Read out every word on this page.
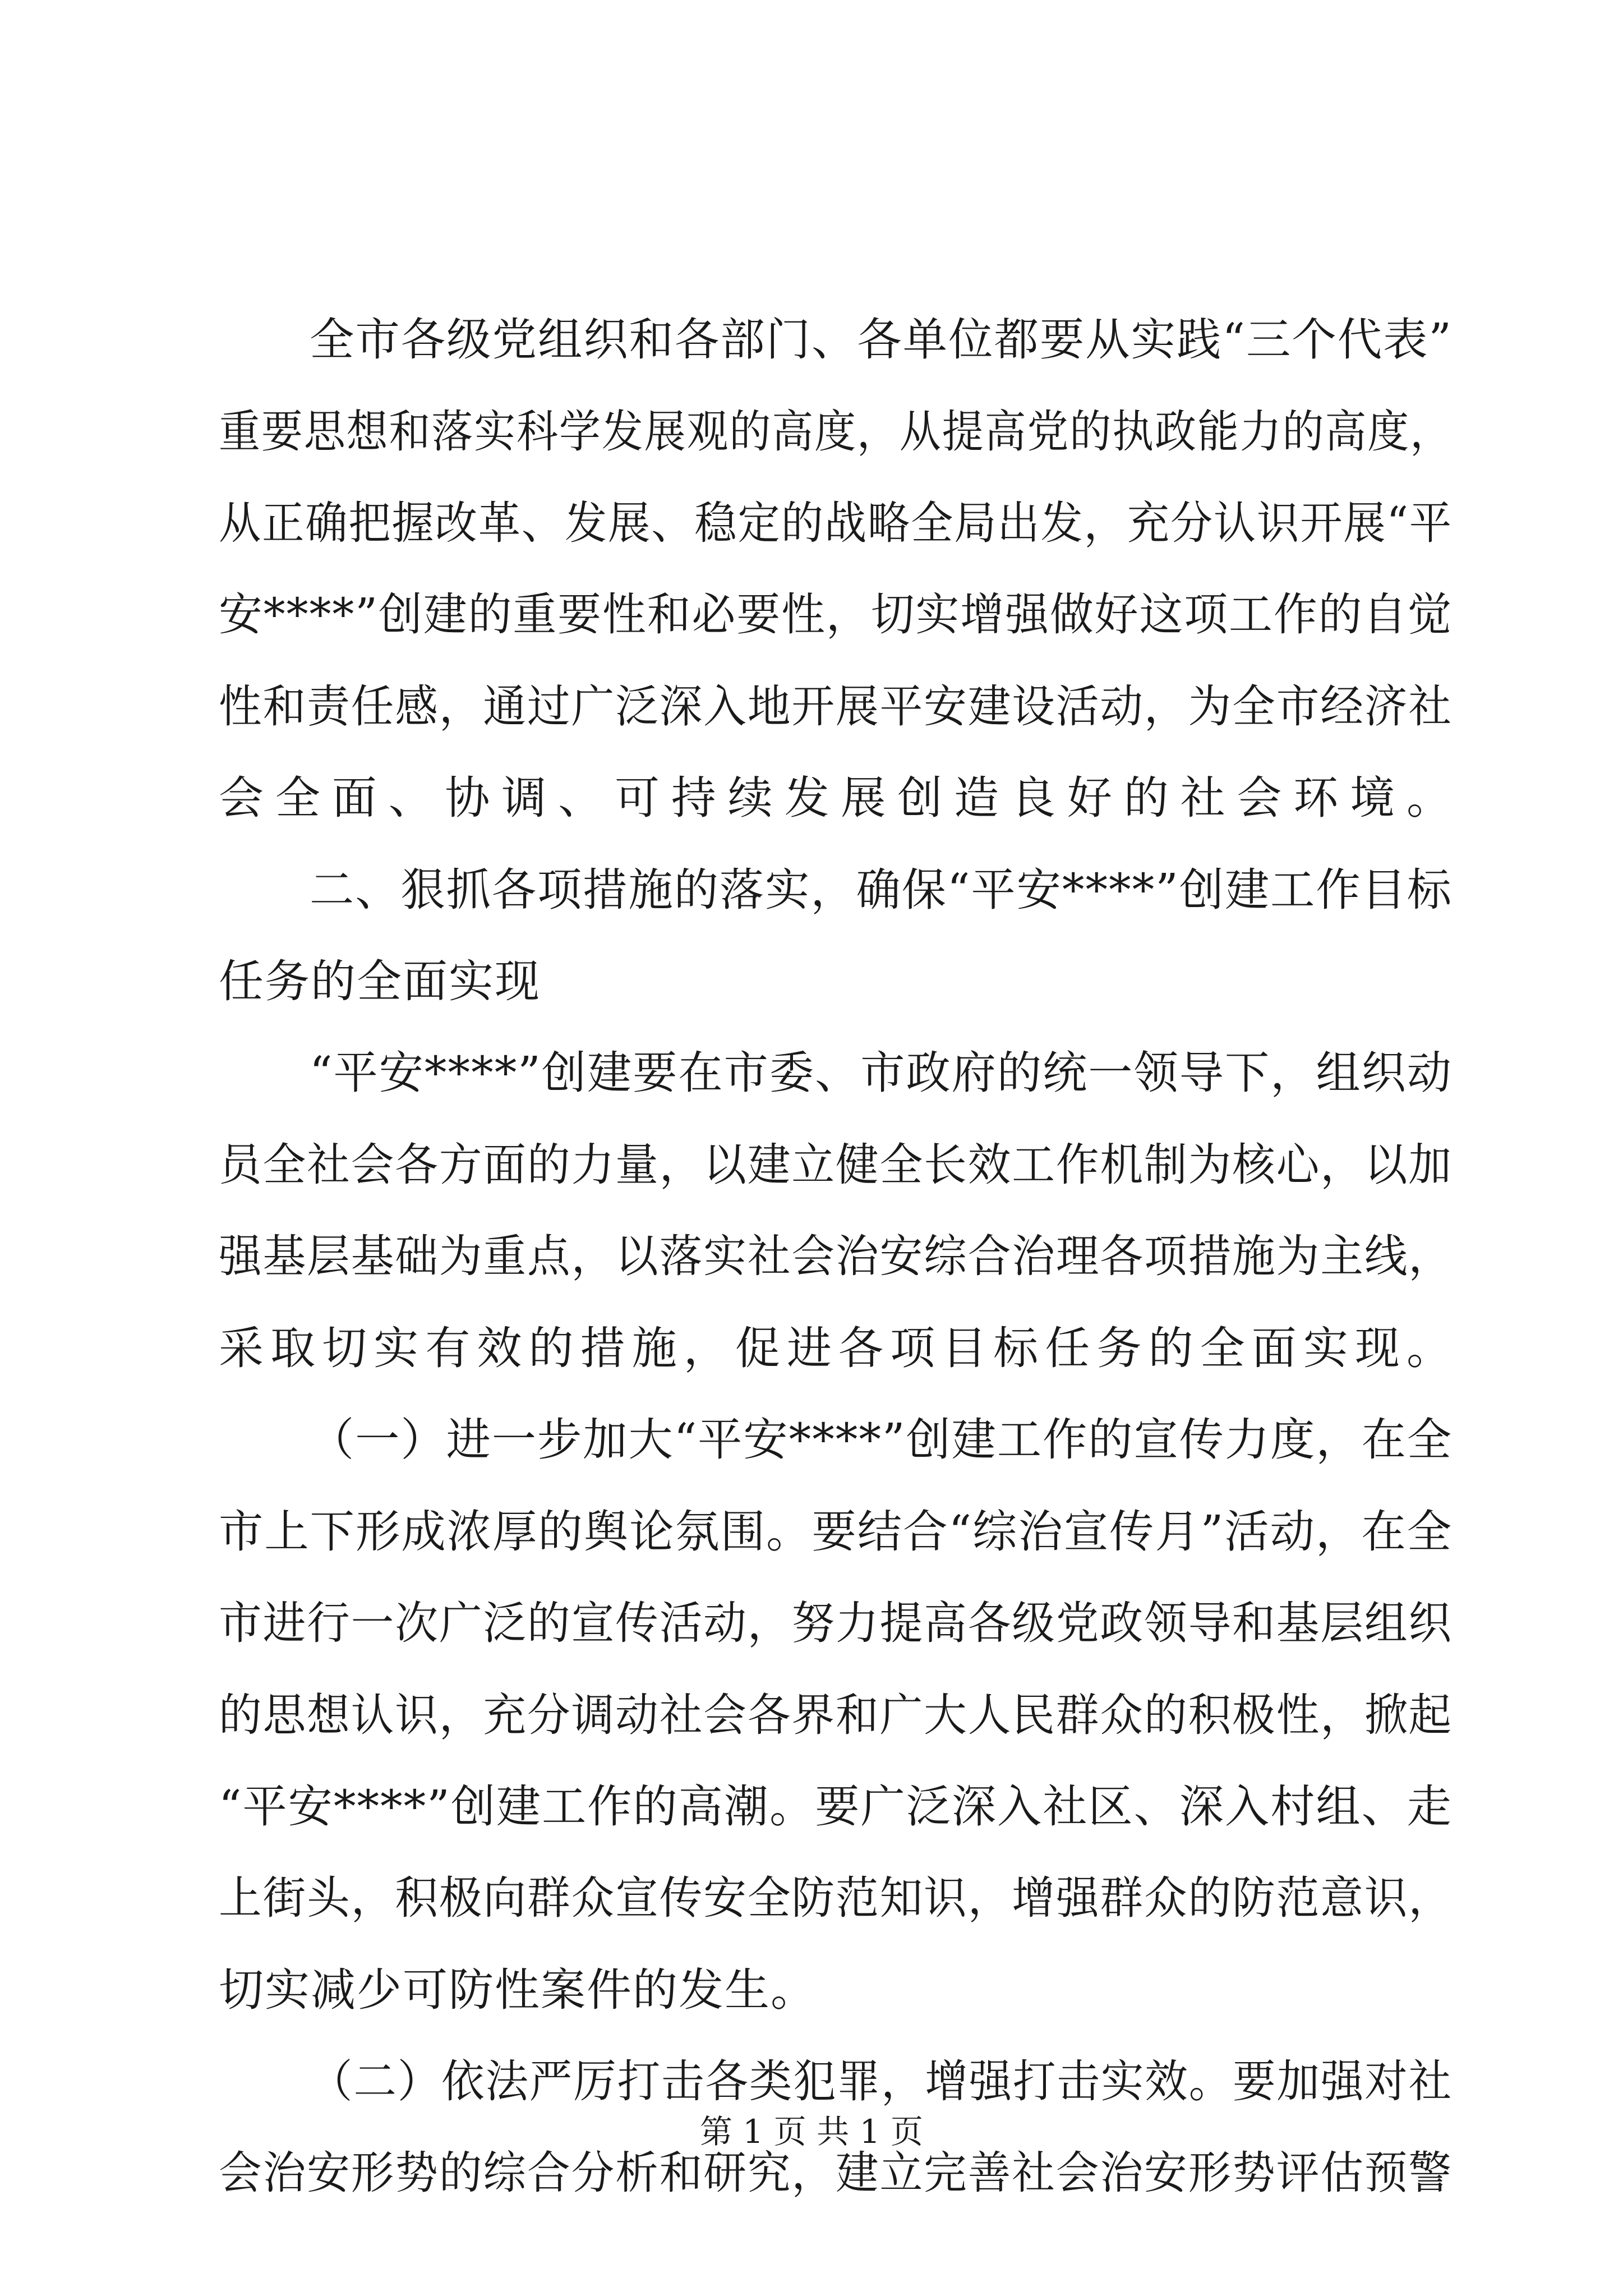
全市各级党组织和各部门、各单位都要从实践“三个代表”
重要思想和落实科学发展观的高度，从提高党的执政能力的高度，
从正确把握改革、发展、稳定的战略全局出发，充分认识开展“平
安****”创建的重要性和必要性，切实增强做好这项工作的自觉
性和责任感，通过广泛深入地开展平安建设活动，为全市经济社
会全面、协调、可持续发展创造良好的社会环境。
二、狠抓各项措施的落实，确保“平安****”创建工作目标
任务的全面实现
“平安****”创建要在市委、市政府的统一领导下，组织动
员全社会各方面的力量，以建立健全长效工作机制为核心，以加
强基层基础为重点，以落实社会治安综合治理各项措施为主线，
采取切实有效的措施，促进各项目标任务的全面实现。
（一）进一步加大“平安****”创建工作的宣传力度，在全
市上下形成浓厚的舆论氛围。要结合“综治宣传月”活动，在全
市进行一次广泛的宣传活动，努力提高各级党政领导和基层组织
的思想认识，充分调动社会各界和广大人民群众的积极性，掀起
“平安****”创建工作的高潮。要广泛深入社区、深入村组、走
上街头，积极向群众宣传安全防范知识，增强群众的防范意识，
切实减少可防性案件的发生。
（二）依法严厉打击各类犯罪，增强打击实效。要加强对社
会治安形势的综合分析和研究，建立完善社会治安形势评估预警
第 1 页 共 1 页
